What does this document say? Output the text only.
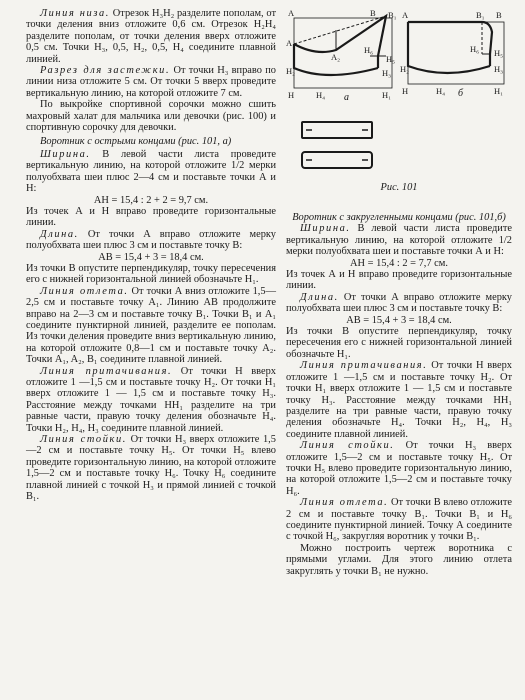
А	В B₁
A₁
A₂
H₆
H₅
H₂	H₃
Н	H₄	H₁
а
А	В
B₁
H₆ H₅
H₂	H₃
Н	H₄	H₁
б
Рис. 101

Линия низа. Отрезок H₃H₂ разделите пополам, от точки деления вниз отложите 0,6 см. Отрезок H₂H₄ разделите пополам, от точки деления вверх отложите 0,5 см. Точки H₃, 0,5, H₂, 0,5, H₄ соедините плавной линией.

Разрез для застежки. От точки H₃ вправо по линии низа отложите 5 см. От точки 5 вверх проведите вертикальную линию, на которой отложите 7 см.

По выкройке спортивной сорочки можно сшить махровый халат для мальчика или девочки (рис. 100) и спортивную сорочку для девочки.

Воротник с острыми концами (рис. 101, а)

Ширина. В левой части листа проведите вертикальную линию, на которой отложите 1/2 мерки полуобхвата шеи плюс 2—4 см и поставьте точки А и Н:

АН = 15,4 : 2 + 2 = 9,7 см.

Из точек А и Н вправо проведите горизонтальные линии.

Длина. От точки А вправо отложите мерку полуобхвата шеи плюс 3 см и поставьте точку В:

АВ = 15,4 + 3 = 18,4 см.

Из точки В опустите перпендикуляр, точку пересечения его с нижней горизонтальной линией обозначьте H₁.

Линия отлета. От точки А вниз отложите 1,5—2,5 см и поставьте точку A₁. Линию АВ продолжите вправо на 2—3 см и поставьте точку B₁. Точки B₁ и A₁ соедините пунктирной линией, разделите ее пополам. Из точки деления проведите вниз вертикальную линию, на которой отложите 0,8—1 см и поставьте точку A₂. Точки A₁, A₂, B₁ соедините плавной линией.

Линия притачивания. От точки Н вверх отложите 1 —1,5 см и поставьте точку H₂. От точки H₁ вверх отложите 1 — 1,5 см и поставьте точку H₃. Расстояние между точками НH₁ разделите на три равные части, правую точку деления обозначьте H₄. Точки H₂, H₄, H₃ соедините плавной линией.

Линия стойки. От точки H₃ вверх отложите 1,5—2 см и поставьте точку H₅. От точки H₅ влево проведите горизонтальную линию, на которой отложите 1,5—2 см и поставьте точку H₆. Точку H₆ соедините плавной линией с точкой H₃ и прямой линией с точкой B₁.

Воротник с закругленными концами (рис. 101,б)

Ширина. В левой части листа проведите вертикальную линию, на которой отложите 1/2 мерки полуобхвата шеи и поставьте точки А и Н:

АН = 15,4 : 2 = 7,7 см.

Из точек А и Н вправо проведите горизонтальные линии.

Длина. От точки А вправо отложите мерку полуобхвата шеи плюс 3 см и поставьте точку В:

АВ = 15,4 + 3 = 18,4 см.

Из точки В опустите перпендикуляр, точку пересечения его с нижней горизонтальной линией обозначьте H₁.

Линия притачивания. От точки Н вверх отложите 1 —1,5 см и поставьте точку H₂. От точки H₁ вверх отложите 1 — 1,5 см и поставьте точку H₃. Расстояние между точками НH₁ разделите на три равные части, правую точку деления обозначьте H₄. Точки H₂, H₄, H₃ соедините плавной линией.

Линия стойки. От точки H₃ вверх отложите 1,5—2 см и поставьте точку H₅. От точки H₅ влево проведите горизонтальную линию, на которой отложите 1,5—2 см и поставьте точку H₆.

Линия отлета. От точки В влево отложите 2 см и поставьте точку B₁. Точки B₁ и H₆ соедините пунктирной линией. Точку А соедините с точкой H₆, закругляя воротник у точки B₁.

Можно построить чертеж воротника с прямыми углами. Для этого линию отлета закруглять у точки B₁ не нужно.
